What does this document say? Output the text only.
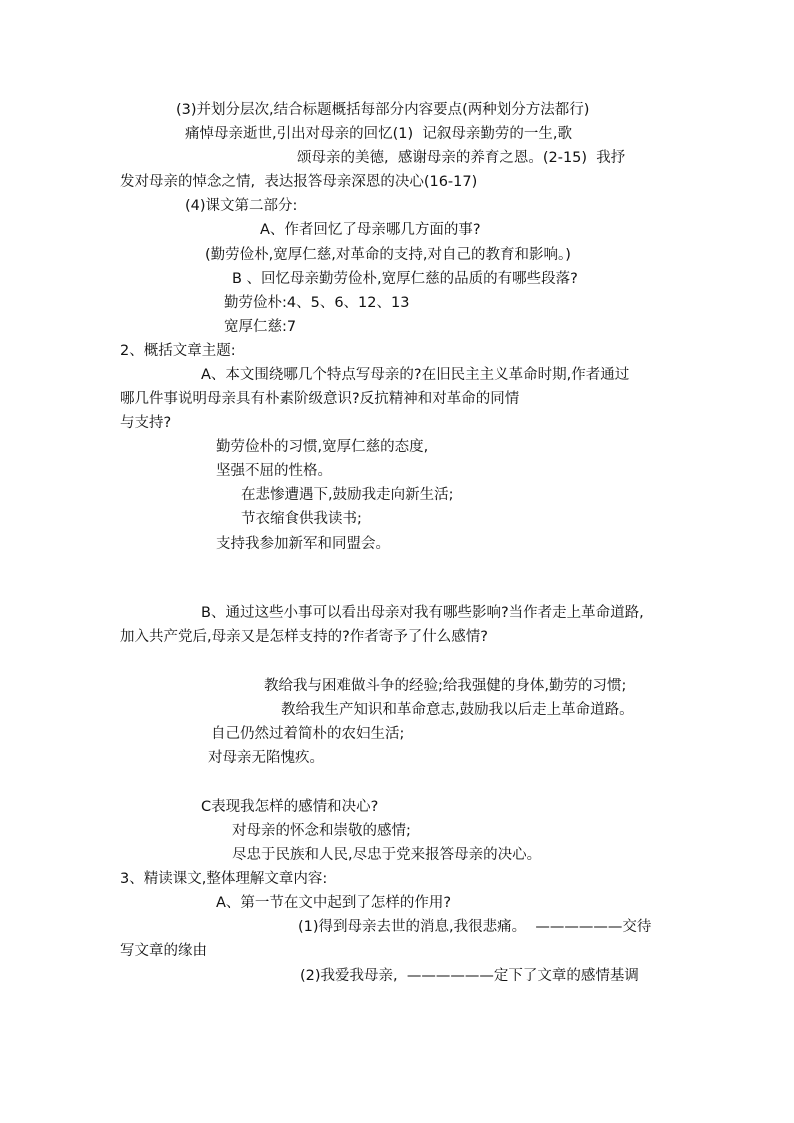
(3)并划分层次,结合标题概括每部分内容要点(两种划分方法都行)
痛悼母亲逝世,引出对母亲的回忆(1)  记叙母亲勤劳的一生,歌
颂母亲的美德,  感谢母亲的养育之恩。(2-15)  我抒
发对母亲的悼念之情,  表达报答母亲深恩的决心(16-17)
(4)课文第二部分:
A、作者回忆了母亲哪几方面的事?
(勤劳俭朴,宽厚仁慈,对革命的支持,对自己的教育和影响。)
B 、回忆母亲勤劳俭朴,宽厚仁慈的品质的有哪些段落?
勤劳俭朴:4、5、6、12、13
宽厚仁慈:7
2、概括文章主题:
A、本文围绕哪几个特点写母亲的?在旧民主主义革命时期,作者通过
哪几件事说明母亲具有朴素阶级意识?反抗精神和对革命的同情
与支持?
勤劳俭朴的习惯,宽厚仁慈的态度,
坚强不屈的性格。
在悲惨遭遇下,鼓励我走向新生活;
节衣缩食供我读书;
支持我参加新军和同盟会。
B、通过这些小事可以看出母亲对我有哪些影响?当作者走上革命道路,
加入共产党后,母亲又是怎样支持的?作者寄予了什么感情?
教给我与困难做斗争的经验;给我强健的身体,勤劳的习惯;
教给我生产知识和革命意志,鼓励我以后走上革命道路。
自己仍然过着简朴的农妇生活;
对母亲无陷愧疚。
C表现我怎样的感情和决心?
对母亲的怀念和崇敬的感情;
尽忠于民族和人民,尽忠于党来报答母亲的决心。
3、精读课文,整体理解文章内容:
A、第一节在文中起到了怎样的作用?
(1)得到母亲去世的消息,我很悲痛。  ——————交待
写文章的缘由
(2)我爱我母亲,  ——————定下了文章的感情基调
